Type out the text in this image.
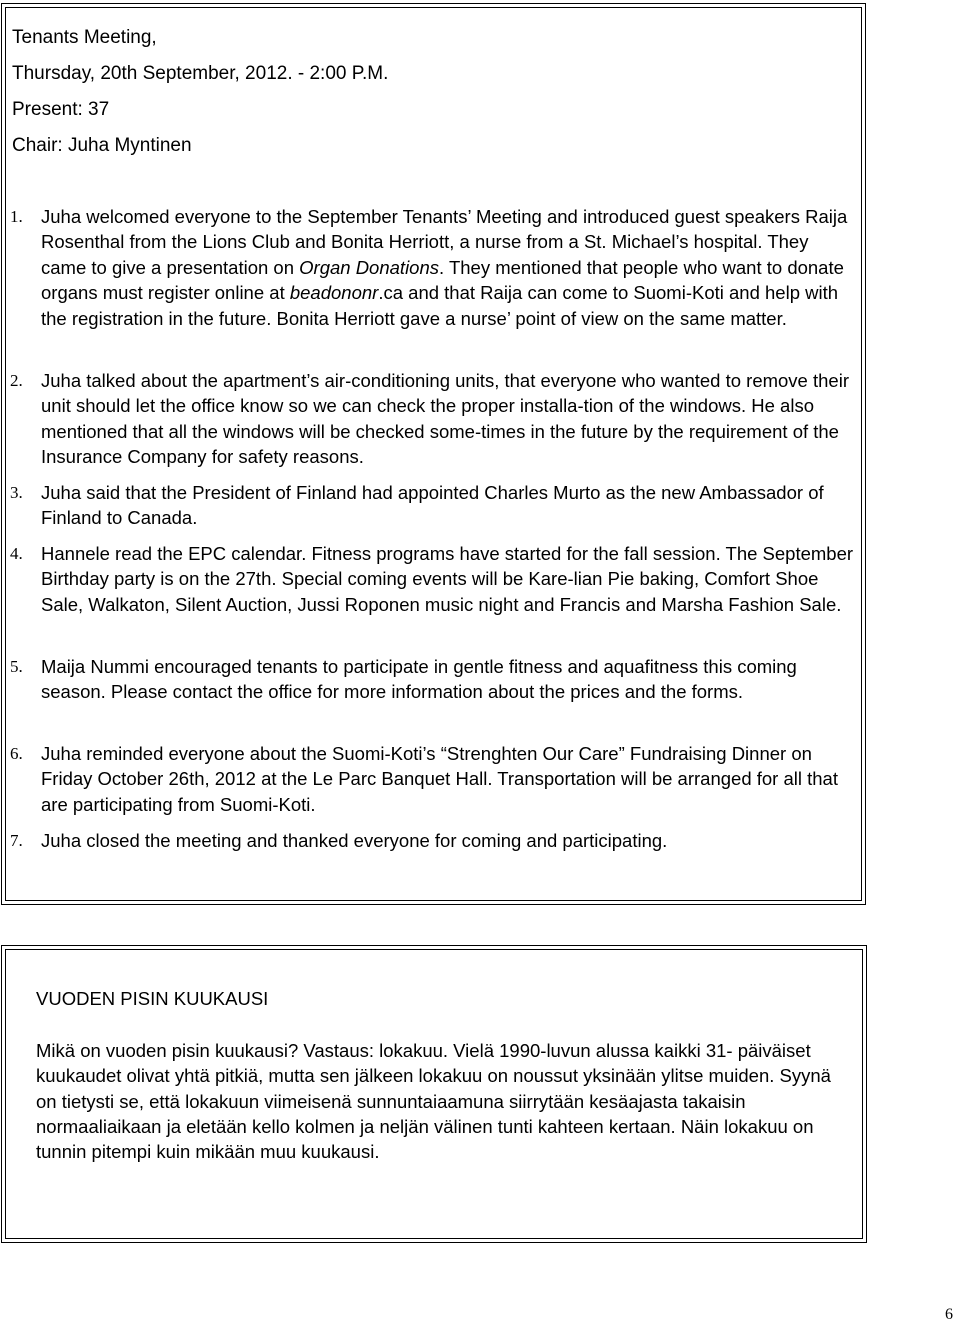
Tenants Meeting,
Thursday, 20th September, 2012. - 2:00 P.M.
Present: 37
Chair: Juha Myntinen
1. Juha welcomed everyone to the September Tenants’ Meeting and introduced guest speakers Raija Rosenthal from the Lions Club and Bonita Herriott, a nurse from a St. Michael’s hospital. They came to give a presentation on Organ Donations. They mentioned that people who want to donate organs must register online at beadononr.ca and that Raija can come to Suomi-Koti and help with the registration in the future. Bonita Herriott gave a nurse’ point of view on the same matter.
2. Juha talked about the apartment’s air-conditioning units, that everyone who wanted to remove their unit should let the office know so we can check the proper installa-tion of the windows. He also mentioned that all the windows will be checked some-times in the future by the requirement of the Insurance Company for safety reasons.
3. Juha said that the President of Finland had appointed Charles Murto as the new Ambassador of Finland to Canada.
4. Hannele read the EPC calendar. Fitness programs have started for the fall session. The September Birthday party is on the 27th. Special coming events will be Kare-lian Pie baking, Comfort Shoe Sale, Walkaton, Silent Auction, Jussi Roponen music night and Francis and Marsha Fashion Sale.
5. Maija Nummi encouraged tenants to participate in gentle fitness and aquafitness this coming season. Please contact the office for more information about the prices and the forms.
6. Juha reminded everyone about the Suomi-Koti’s “Strenghten Our Care” Fundraising Dinner on Friday October 26th, 2012 at the Le Parc Banquet Hall. Transportation will be arranged for all that are participating from Suomi-Koti.
7. Juha closed the meeting and thanked everyone for coming and participating.
VUODEN PISIN KUUKAUSI
Mikä on vuoden pisin kuukausi? Vastaus: lokakuu. Vielä 1990-luvun alussa kaikki 31- päiväiset kuukaudet olivat yhtä pitkiä, mutta sen jälkeen lokakuu on noussut yksinään ylitse muiden. Syynä on tietysti se, että lokakuun viimeisenä sunnuntaiaamuna siirrytään kesäajasta takaisin normaaliaikaan ja eletään kello kolmen ja neljän välinen tunti kahteen kertaan. Näin lokakuu on tunnin pitempi kuin mikään muu kuukausi.
6
